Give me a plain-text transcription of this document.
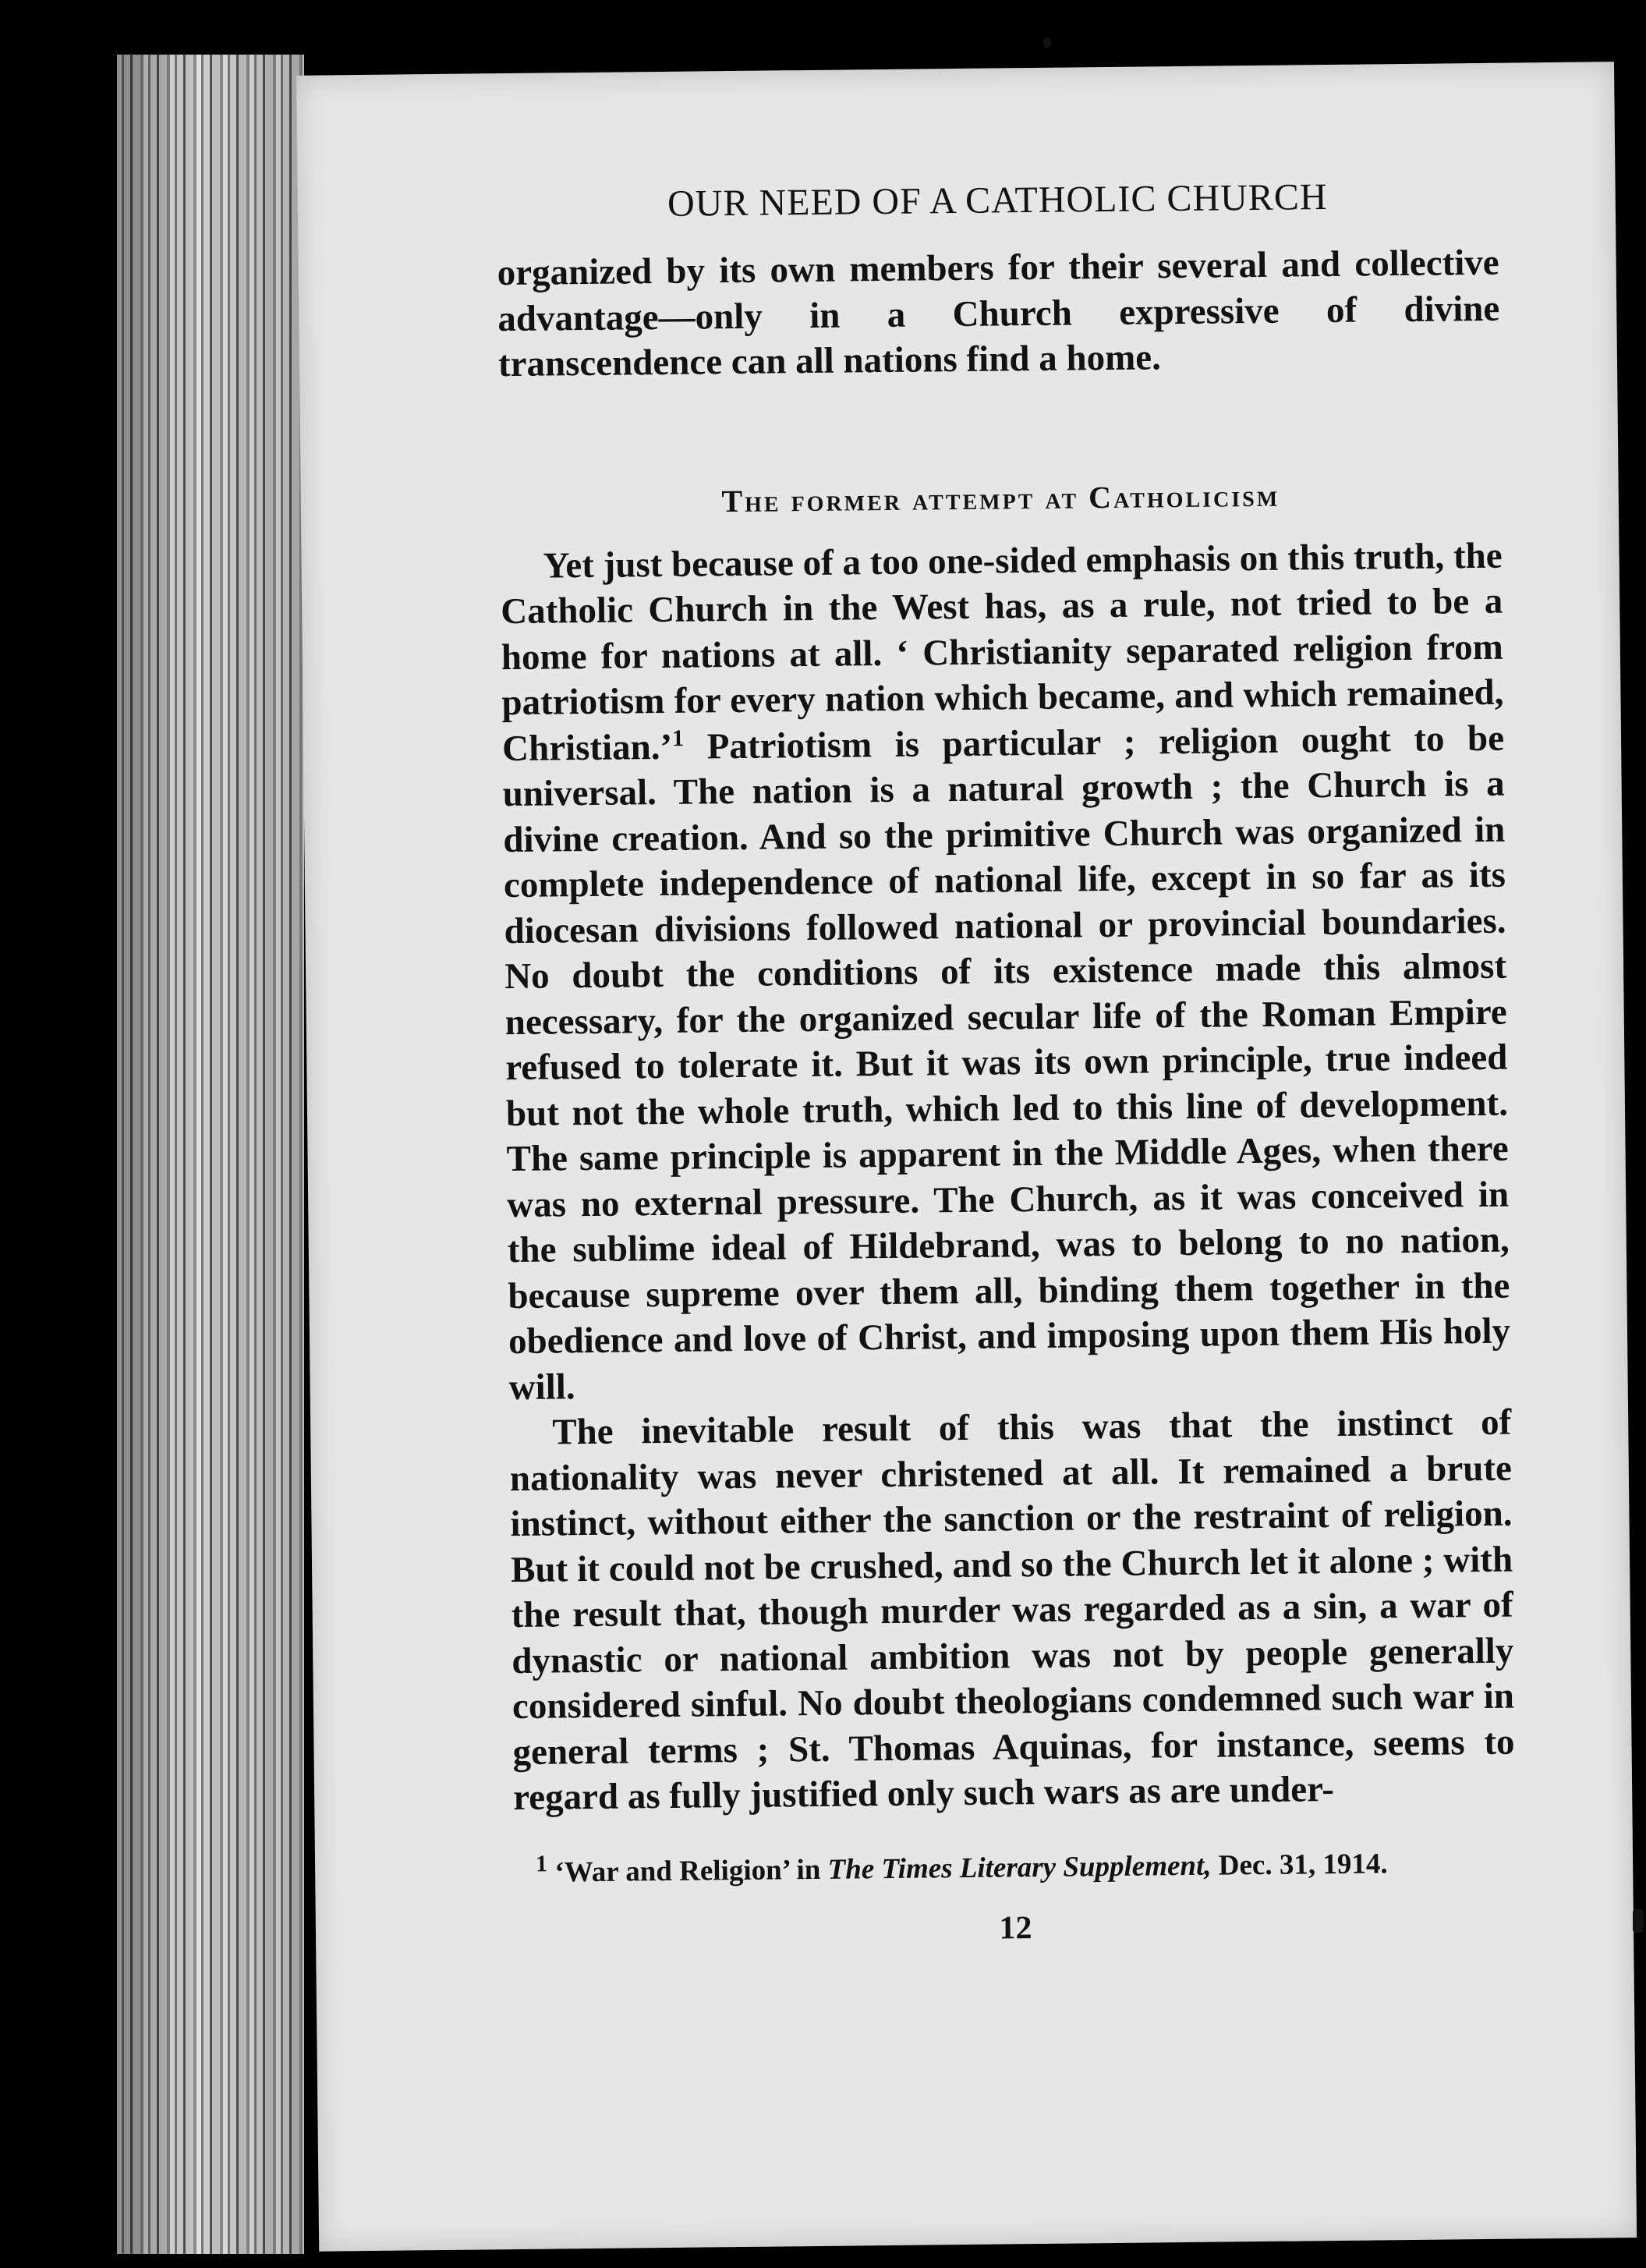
OUR NEED OF A CATHOLIC CHURCH

organized by its own members for their several and collective advantage—only in a Church expressive of divine transcendence can all nations find a home.

The former attempt at Catholicism

Yet just because of a too one-sided emphasis on this truth, the Catholic Church in the West has, as a rule, not tried to be a home for nations at all. ‘ Christianity separated religion from patriotism for every nation which became, and which remained, Christian.’$^1$ Patriotism is particular ; religion ought to be universal. The nation is a natural growth ; the Church is a divine creation. And so the primitive Church was organized in complete independence of national life, except in so far as its diocesan divisions followed national or provincial boundaries. No doubt the conditions of its existence made this almost necessary, for the organized secular life of the Roman Empire refused to tolerate it. But it was its own principle, true indeed but not the whole truth, which led to this line of development. The same principle is apparent in the Middle Ages, when there was no external pressure. The Church, as it was conceived in the sublime ideal of Hildebrand, was to belong to no nation, because supreme over them all, binding them together in the obedience and love of Christ, and imposing upon them His holy will.

The inevitable result of this was that the instinct of nationality was never christened at all. It remained a brute instinct, without either the sanction or the restraint of religion. But it could not be crushed, and so the Church let it alone ; with the result that, though murder was regarded as a sin, a war of dynastic or national ambition was not by people generally considered sinful. No doubt theologians condemned such war in general terms ; St. Thomas Aquinas, for instance, seems to regard as fully justified only such wars as are under-

$^1$ ‘War and Religion’ in The Times Literary Supplement, Dec. 31, 1914.
12
